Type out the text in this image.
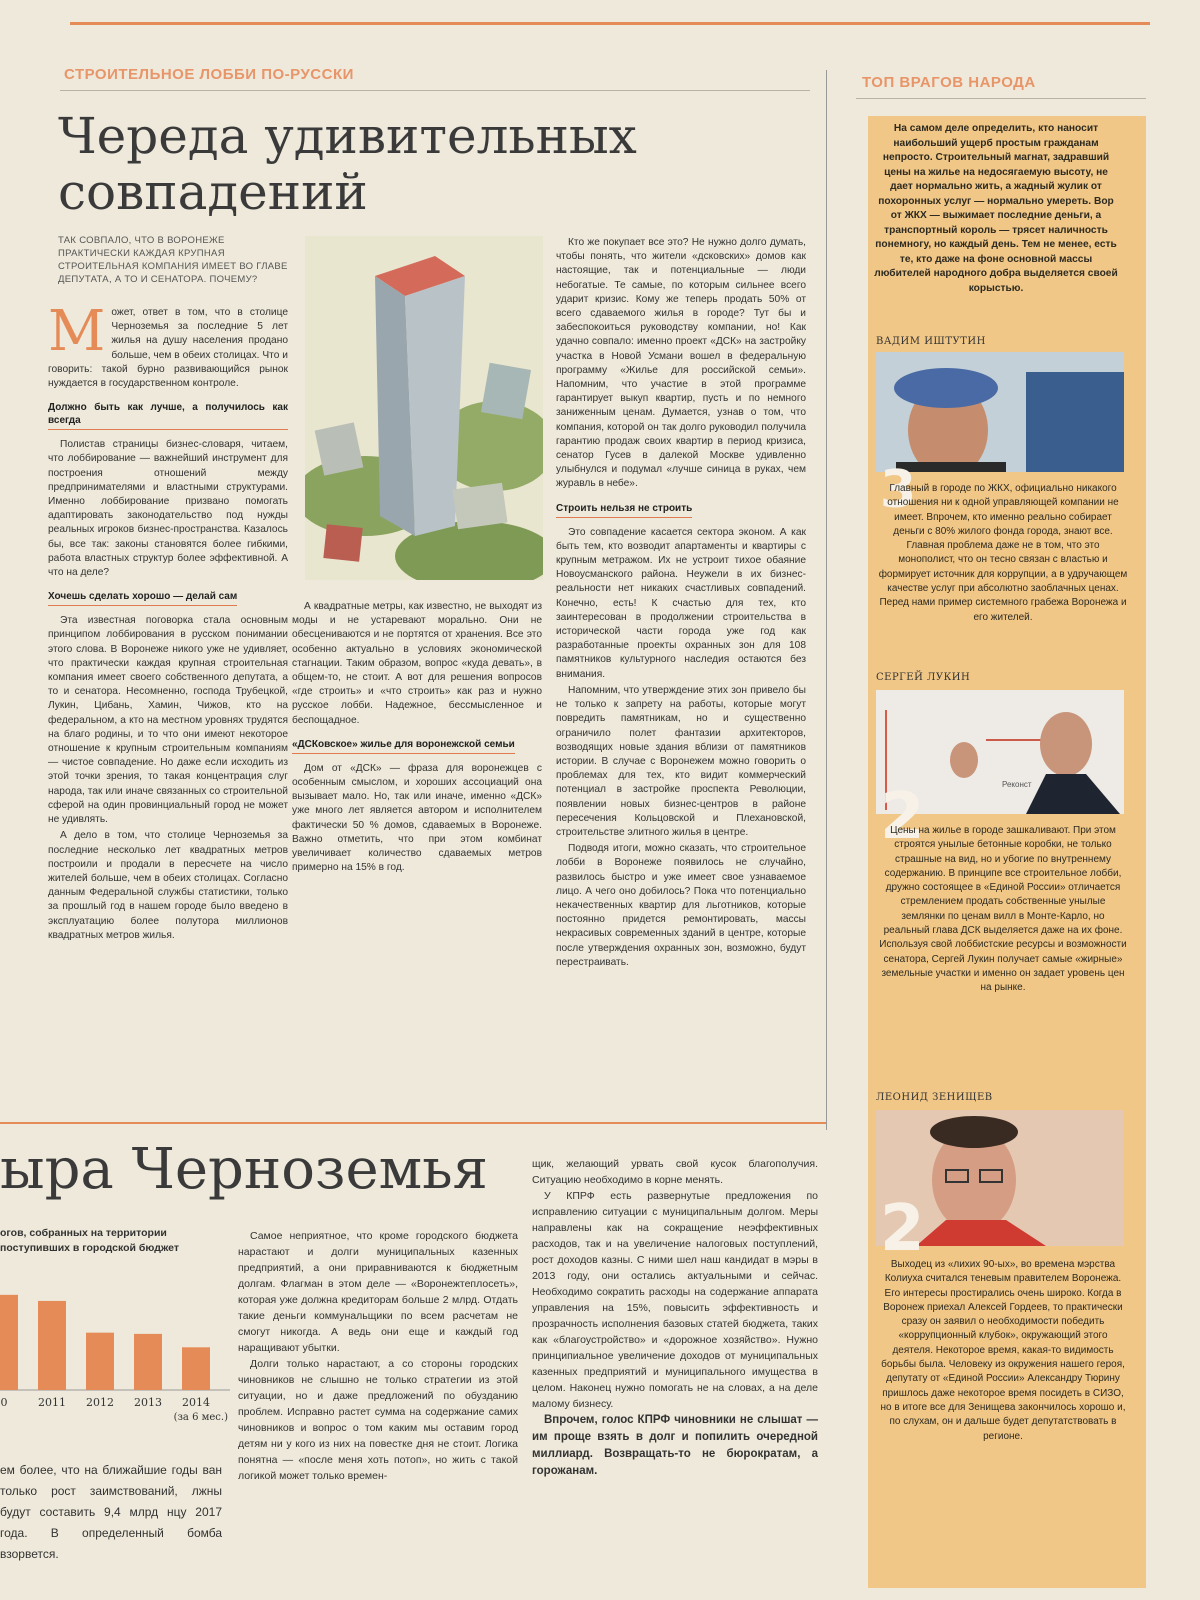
СТРОИТЕЛЬНОЕ ЛОББИ ПО-РУССКИ
Череда удивительных
совпадений
ТАК СОВПАЛО, ЧТО В ВОРОНЕЖЕ ПРАКТИЧЕСКИ КАЖДАЯ КРУПНАЯ СТРОИТЕЛЬНАЯ КОМПАНИЯ ИМЕЕТ ВО ГЛАВЕ ДЕПУТАТА, А ТО И СЕНАТОРА. ПОЧЕМУ?

Может, ответ в том, что в столице Черноземья за последние 5 лет жилья на душу населения продано больше, чем в обеих столицах. Что и говорить: такой бурно развивающийся рынок нуждается в государственном контроле.

Должно быть как лучше, а получилось как всегда

Полистав страницы бизнес-словаря, читаем, что лоббирование — важнейший инструмент для построения отношений между предпринимателями и властными структурами. Именно лоббирование призвано помогать адаптировать законодательство под нужды реальных игроков бизнес-пространства. Казалось бы, все так: законы становятся более гибкими, работа властных структур более эффективной. А что на деле?

Хочешь сделать хорошо — делай сам

Эта известная поговорка стала основным принципом лоббирования в русском понимании этого слова. В Воронеже никого уже не удивляет, что практически каждая крупная строительная компания имеет своего собственного депутата, а то и сенатора. Несомненно, господа Трубецкой, Лукин, Цибань, Хамин, Чижов, кто на федеральном, а кто на местном уровнях трудятся на благо родины, и то что они имеют некоторое отношение к крупным строительным компаниям — чистое совпадение. Но даже если исходить из этой точки зрения, то такая концентрация слуг народа, так или иначе связанных со строительной сферой на один провинциальный город не может не удивлять.

А дело в том, что столице Черноземья за последние несколько лет квадратных метров построили и продали в пересчете на число жителей больше, чем в обеих столицах. Согласно данным Федеральной службы статистики, только за прошлый год в нашем городе было введено в эксплуатацию более полутора миллионов квадратных метров жилья.

А квадратные метры, как известно, не выходят из моды и не устаревают морально. Они не обесцениваются и не портятся от хранения. Все это особенно актуально в условиях экономической стагнации. Таким образом, вопрос «куда девать», в общем-то, не стоит. А вот для решения вопросов «где строить» и «что строить» как раз и нужно русское лобби. Надежное, бессмысленное и беспощадное.

«ДСКовское» жилье для воронежской семьи

Дом от «ДСК» — фраза для воронежцев с особенным смыслом, и хороших ассоциаций она вызывает мало. Но, так или иначе, именно «ДСК» уже много лет является автором и исполнителем фактически 50 % домов, сдаваемых в Воронеже. Важно отметить, что при этом комбинат увеличивает количество сдаваемых метров примерно на 15% в год.

Кто же покупает все это? Не нужно долго думать, чтобы понять, что жители «дсковских» домов как настоящие, так и потенциальные — люди небогатые. Те самые, по которым сильнее всего ударит кризис. Кому же теперь продать 50% от всего сдаваемого жилья в городе? Тут бы и забеспокоиться руководству компании, но! Как удачно совпало: именно проект «ДСК» на застройку участка в Новой Усмани вошел в федеральную программу «Жилье для российской семьи». Напомним, что участие в этой программе гарантирует выкуп квартир, пусть и по немного заниженным ценам. Думается, узнав о том, что компания, которой он так долго руководил получила гарантию продаж своих квартир в период кризиса, сенатор Гусев в далекой Москве удивленно улыбнулся и подумал «лучше синица в руках, чем журавль в небе».

Строить нельзя не строить

Это совпадение касается сектора эконом. А как быть тем, кто возводит апартаменты и квартиры с крупным метражом. Их не устроит тихое обаяние Новоусманского района. Неужели в их бизнес-реальности нет никаких счастливых совпадений. Конечно, есть! К счастью для тех, кто заинтересован в продолжении строительства в исторической части города уже год как разработанные проекты охранных зон для 108 памятников культурного наследия остаются без внимания.

Напомним, что утверждение этих зон привело бы не только к запрету на работы, которые могут повредить памятникам, но и существенно ограничило полет фантазии архитекторов, возводящих новые здания вблизи от памятников истории. В случае с Воронежем можно говорить о проблемах для тех, кто видит коммерческий потенциал в застройке проспекта Революции, появлении новых бизнес-центров в районе пересечения Кольцовской и Плехановской, строительстве элитного жилья в центре.

Подводя итоги, можно сказать, что строительное лобби в Воронеже появилось не случайно, развилось быстро и уже имеет свое узнаваемое лицо. А чего оно добилось? Пока что потенциально некачественных квартир для льготников, которые постоянно придется ремонтировать, массы некрасивых современных зданий в центре, которые после утверждения охранных зон, возможно, будут перестраивать.

ТОП ВРАГОВ НАРОДА
На самом деле определить, кто наносит наибольший ущерб простым гражданам непросто. Строительный магнат, задравший цены на жилье на недосягаемую высоту, не дает нормально жить, а жадный жулик от похоронных услуг — нормально умереть. Вор от ЖКХ — выжимает последние деньги, а транспортный король — трясет наличность понемногу, но каждый день. Тем не менее, есть те, кто даже на фоне основной массы любителей народного добра выделяется своей корыстью.
ВАДИМ ИШТУТИН
3
Главный в городе по ЖКХ, официально никакого отношения ни к одной управляющей компании не имеет. Впрочем, кто именно реально собирает деньги с 80% жилого фонда города, знают все. Главная проблема даже не в том, что это монополист, что он тесно связан с властью и формирует источник для коррупции, а в удручающем качестве услуг при абсолютно заоблачных ценах. Перед нами пример системного грабежа Воронежа и его жителей.
СЕРГЕЙ ЛУКИН
Реконст
2
Цены на жилье в городе зашкаливают. При этом строятся унылые бетонные коробки, не только страшные на вид, но и убогие по внутреннему содержанию. В принципе все строительное лобби, дружно состоящее в «Единой России» отличается стремлением продать собственные унылые землянки по ценам вилл в Монте-Карло, но реальный глава ДСК выделяется даже на их фоне. Используя свой лоббистские ресурсы и возможности сенатора, Сергей Лукин получает самые «жирные» земельные участки и именно он задает уровень цен на рынке.
ЛЕОНИД ЗЕНИЩЕВ
2
Выходец из «лихих 90-ых», во времена мэрства Колиуха считался теневым правителем Воронежа. Его интересы простирались очень широко. Когда в Воронеж приехал Алексей Гордеев, то практически сразу он заявил о необходимости победить «коррупционный клубок», окружающий этого деятеля. Некоторое время, какая-то видимость борьбы была. Человеку из окружения нашего героя, депутату от «Единой России» Александру Тюрину пришлось даже некоторое время посидеть в СИЗО, но в итоге все для Зенищева закончилось хорошо и, по слухам, он и дальше будет депутатствовать в регионе.
ыра Черноземья
огов, собранных на территории
поступивших в городской бюджет
0	2011 2012 2013 2014
(за 6 мес.)
ем более, что на ближайшие годы ван только рост заимствований, лжны будут составить 9,4 млрд нцу 2017 года. В определенный бомба взорвется.

Самое неприятное, что кроме городского бюджета нарастают и долги муниципальных казенных предприятий, а они приравниваются к бюджетным долгам. Флагман в этом деле — «Воронежтеплосеть», которая уже должна кредиторам больше 2 млрд. Отдать такие деньги коммунальщики по всем расчетам не смогут никогда. А ведь они еще и каждый год наращивают убытки.

Долги только нарастают, а со стороны городских чиновников не слышно не только стратегии из этой ситуации, но и даже предложений по обузданию проблем. Исправно растет сумма на содержание самих чиновников и вопрос о том каким мы оставим город детям ни у кого из них на повестке дня не стоит. Логика понятна — «после меня хоть потоп», но жить с такой логикой может только времен-

щик, желающий урвать свой кусок благополучия. Ситуацию необходимо в корне менять.

У КПРФ есть развернутые предложения по исправлению ситуации с муниципальным долгом. Меры направлены как на сокращение неэффективных расходов, так и на увеличение налоговых поступлений, рост доходов казны. С ними шел наш кандидат в мэры в 2013 году, они остались актуальными и сейчас. Необходимо сократить расходы на содержание аппарата управления на 15%, повысить эффективность и прозрачность исполнения базовых статей бюджета, таких как «благоустройство» и «дорожное хозяйство». Нужно принципиальное увеличение доходов от муниципальных казенных предприятий и муниципального имущества в целом. Наконец нужно помогать не на словах, а на деле малому бизнесу.

Впрочем, голос КПРФ чиновники не слышат — им проще взять в долг и попилить очередной миллиард. Возвращать-то не бюрократам, а горожанам.
